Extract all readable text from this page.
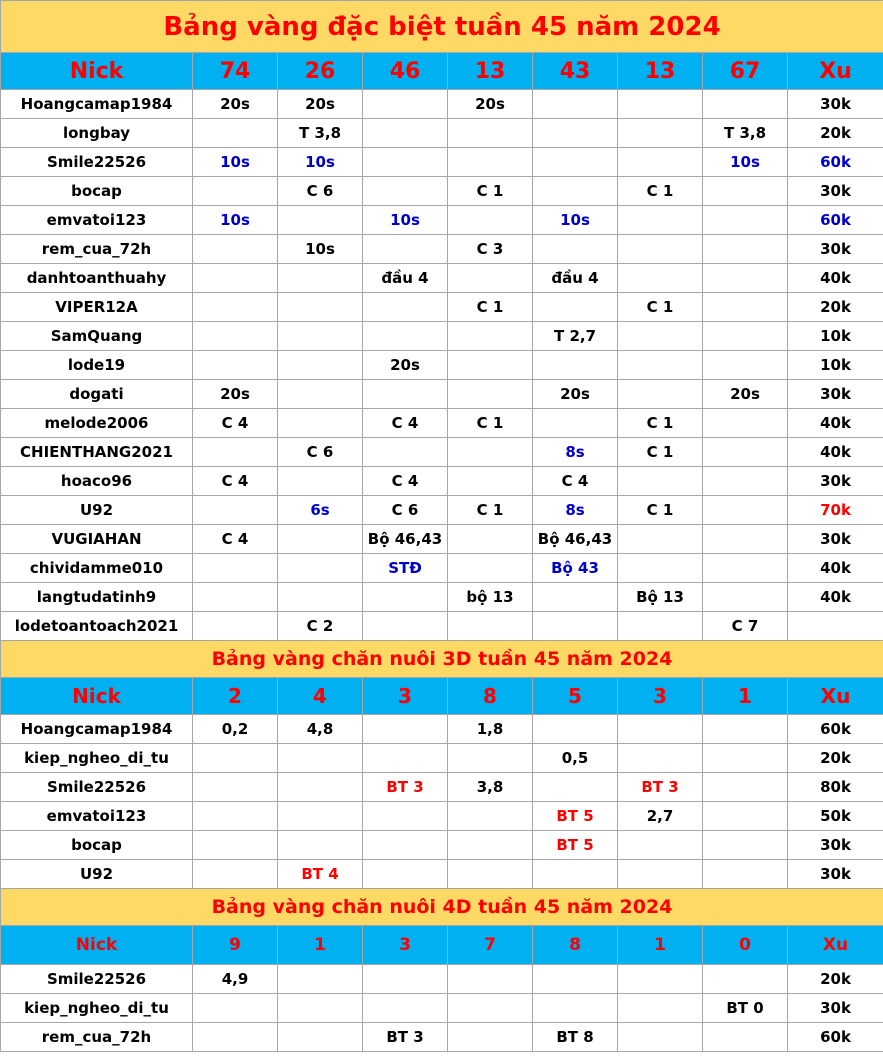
Bảng vàng đặc biệt tuần 45 năm 2024								
Nick	74	26	46	13	43	13	67	Xu
Hoangcamap1984	20s	20s		20s				30k
longbay		T 3,8					T 3,8	20k
Smile22526	10s	10s					10s	60k
bocap		C 6		C 1		C 1		30k
emvatoi123	10s		10s		10s			60k
rem_cua_72h		10s		C 3				30k
danhtoanthuahy			đầu 4		đầu 4			40k
VIPER12A				C 1		C 1		20k
SamQuang					T 2,7			10k
lode19			20s					10k
dogati	20s				20s		20s	30k
melode2006	C 4		C 4	C 1		C 1		40k
CHIENTHANG2021		C 6			8s	C 1		40k
hoaco96	C 4		C 4		C 4			30k
U92		6s	C 6	C 1	8s	C 1		70k
VUGIAHAN	C 4		Bộ 46,43		Bộ 46,43			30k
chividamme010			STĐ		Bộ 43			40k
langtudatinh9				bộ 13		Bộ 13		40k
lodetoantoach2021		C 2					C 7	
Bảng vàng chăn nuôi 3D tuần 45 năm 2024								
Nick	2	4	3	8	5	3	1	Xu
Hoangcamap1984	0,2	4,8		1,8				60k
kiep_ngheo_di_tu					0,5			20k
Smile22526			BT 3	3,8		BT 3		80k
emvatoi123					BT 5	2,7		50k
bocap					BT 5			30k
U92		BT 4						30k
Bảng vàng chăn nuôi 4D tuần 45 năm 2024								
Nick	9	1	3	7	8	1	0	Xu
Smile22526	4,9							20k
kiep_ngheo_di_tu							BT 0	30k
rem_cua_72h			BT 3		BT 8			60k
